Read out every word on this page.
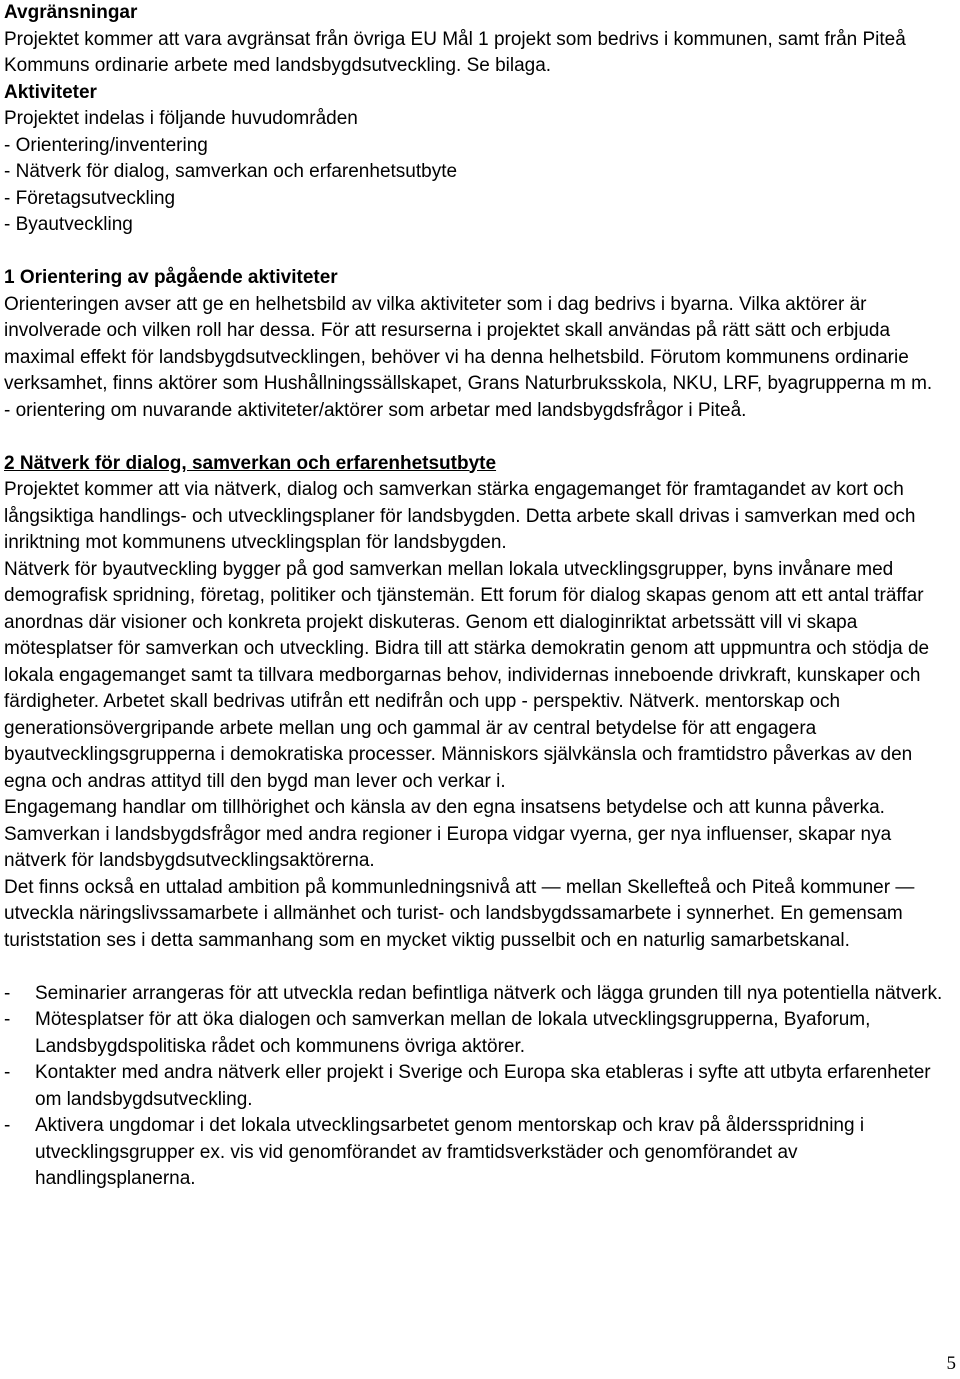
Avgränsningar

Projektet kommer att vara avgränsat från övriga EU Mål 1 projekt som bedrivs i kommunen, samt från Piteå Kommuns ordinarie arbete med landsbygdsutveckling. Se bilaga.

Aktiviteter

Projektet indelas i följande huvudområden

- Orientering/inventering
- Nätverk för dialog, samverkan och erfarenhetsutbyte
- Företagsutveckling
- Byautveckling

1 Orientering av pågående aktiviteter

Orienteringen avser att ge en helhetsbild av vilka aktiviteter som i dag bedrivs i byarna. Vilka aktörer är involverade och vilken roll har dessa. För att resurserna i projektet skall användas på rätt sätt och erbjuda maximal effekt för landsbygdsutvecklingen, behöver vi ha denna helhetsbild. Förutom kommunens ordinarie verksamhet, finns aktörer som Hushållningssällskapet, Grans Naturbruksskola, NKU, LRF, byagrupperna m m.

- orientering om nuvarande aktiviteter/aktörer som arbetar med landsbygdsfrågor i Piteå.

2 Nätverk för dialog, samverkan och erfarenhetsutbyte

Projektet kommer att via nätverk, dialog och samverkan stärka engagemanget för framtagandet av kort och långsiktiga handlings- och utvecklingsplaner för landsbygden. Detta arbete skall drivas i samverkan med och inriktning mot kommunens utvecklingsplan för landsbygden.

Nätverk för byautveckling bygger på god samverkan mellan lokala utvecklingsgrupper, byns invånare med demografisk spridning, företag, politiker och tjänstemän. Ett forum för dialog skapas genom att ett antal träffar anordnas där visioner och konkreta projekt diskuteras. Genom ett dialoginriktat arbetssätt vill vi skapa mötesplatser för samverkan och utveckling. Bidra till att stärka demokratin genom att uppmuntra och stödja de lokala engagemanget samt ta tillvara medborgarnas behov, individernas inneboende drivkraft, kunskaper och färdigheter. Arbetet skall bedrivas utifrån ett nedifrån och upp - perspektiv. Nätverk. mentorskap och generationsövergripande arbete mellan ung och gammal är av central betydelse för att engagera byautvecklingsgrupperna i demokratiska processer. Människors självkänsla och framtidstro påverkas av den egna och andras attityd till den bygd man lever och verkar i.

Engagemang handlar om tillhörighet och känsla av den egna insatsens betydelse och att kunna påverka.

Samverkan i landsbygdsfrågor med andra regioner i Europa vidgar vyerna, ger nya influenser, skapar nya nätverk för landsbygdsutvecklingsaktörerna.

Det finns också en uttalad ambition på kommunledningsnivå att — mellan Skellefteå och Piteå kommuner — utveckla näringslivssamarbete i allmänhet och turist- och landsbygdssamarbete i synnerhet. En gemensam turiststation ses i detta sammanhang som en mycket viktig pusselbit och en naturlig samarbetskanal.

- Seminarier arrangeras för att utveckla redan befintliga nätverk och lägga grunden till nya potentiella nätverk.
- Mötesplatser för att öka dialogen och samverkan mellan de lokala utvecklingsgrupperna, Byaforum, Landsbygdspolitiska rådet och kommunens övriga aktörer.
- Kontakter med andra nätverk eller projekt i Sverige och Europa ska etableras i syfte att utbyta erfarenheter om landsbygdsutveckling.
- Aktivera ungdomar i det lokala utvecklingsarbetet genom mentorskap och krav på åldersspridning i utvecklingsgrupper ex. vis vid genomförandet av framtidsverkstäder och genomförandet av handlingsplanerna.
5
